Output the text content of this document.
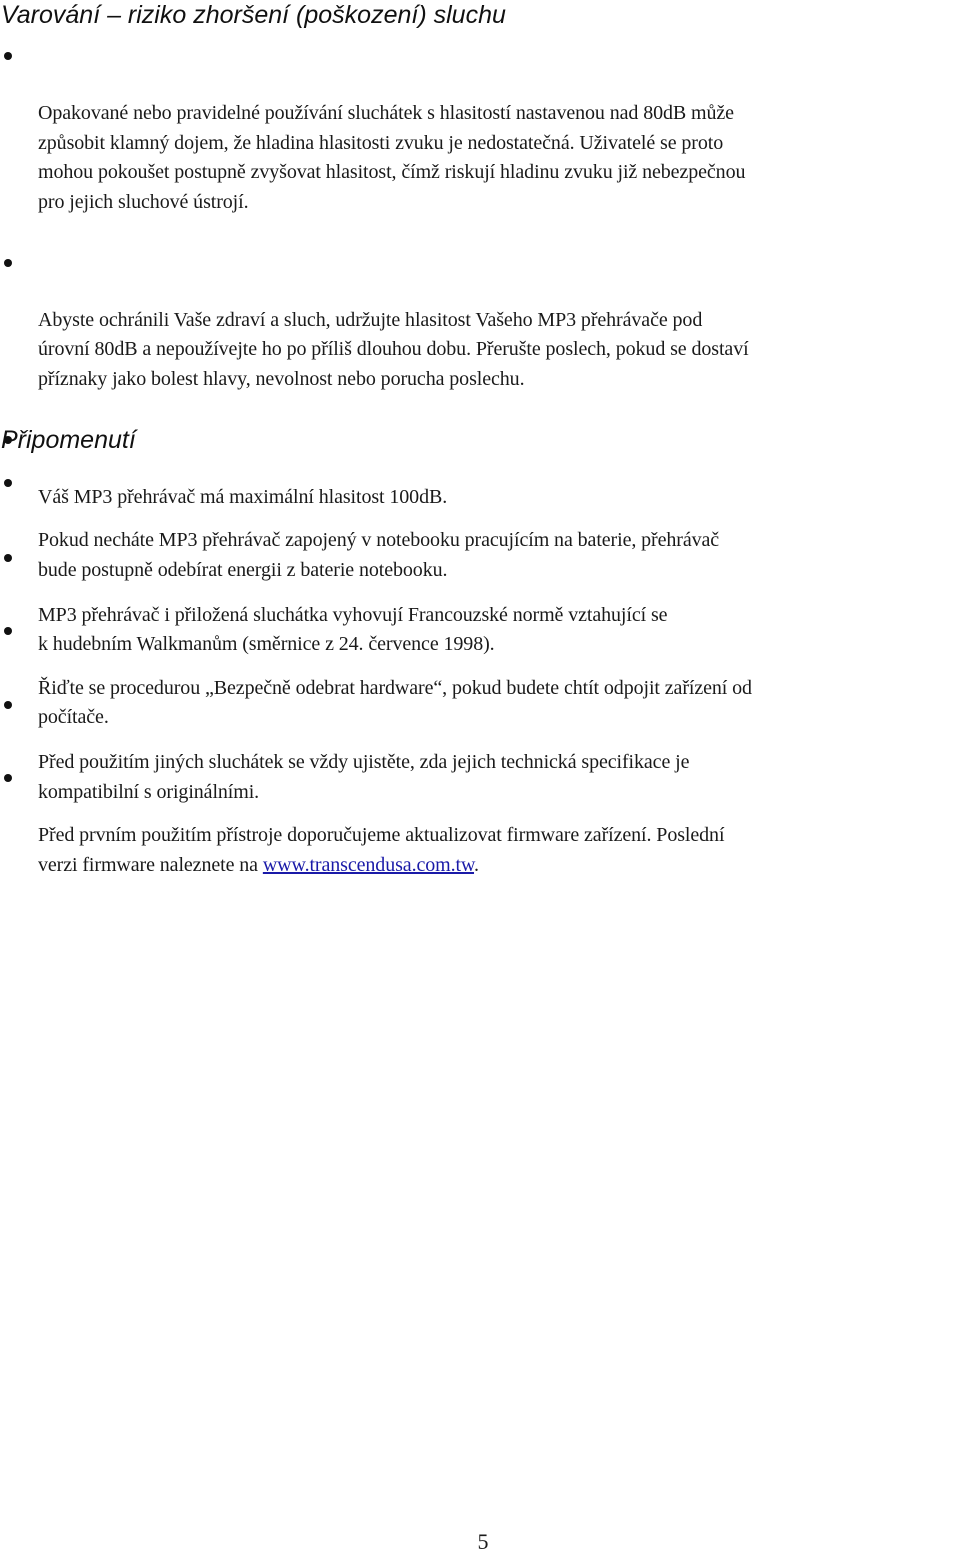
Varování – riziko zhoršení (poškození) sluchu

Opakované nebo pravidelné používání sluchátek s hlasitostí nastavenou nad 80dB může
způsobit klamný dojem, že hladina hlasitosti zvuku je nedostatečná. Uživatelé se proto
mohou pokoušet postupně zvyšovat hlasitost, čímž riskují hladinu zvuku již nebezpečnou
pro jejich sluchové ústrojí.

Abyste ochránili Vaše zdraví a sluch, udržujte hlasitost Vašeho MP3 přehrávače pod
úrovní 80dB a nepoužívejte ho po příliš dlouhou dobu. Přerušte poslech, pokud se dostaví
příznaky jako bolest hlavy, nevolnost nebo porucha poslechu.

Váš MP3 přehrávač má maximální hlasitost 100dB.

MP3 přehrávač i přiložená sluchátka vyhovují Francouzské normě vztahující se
k hudebním Walkmanům (směrnice z 24. července 1998).

Před použitím jiných sluchátek se vždy ujistěte, zda jejich technická specifikace je
kompatibilní s originálními.

Připomenutí

Pokud necháte MP3 přehrávač zapojený v notebooku pracujícím na baterie, přehrávač
bude postupně odebírat energii z baterie notebooku.

Řiďte se procedurou „Bezpečně odebrat hardware“, pokud budete chtít odpojit zařízení od
počítače.

Před prvním použitím přístroje doporučujeme aktualizovat firmware zařízení. Poslední
verzi firmware naleznete na www.transcendusa.com.tw.

5
